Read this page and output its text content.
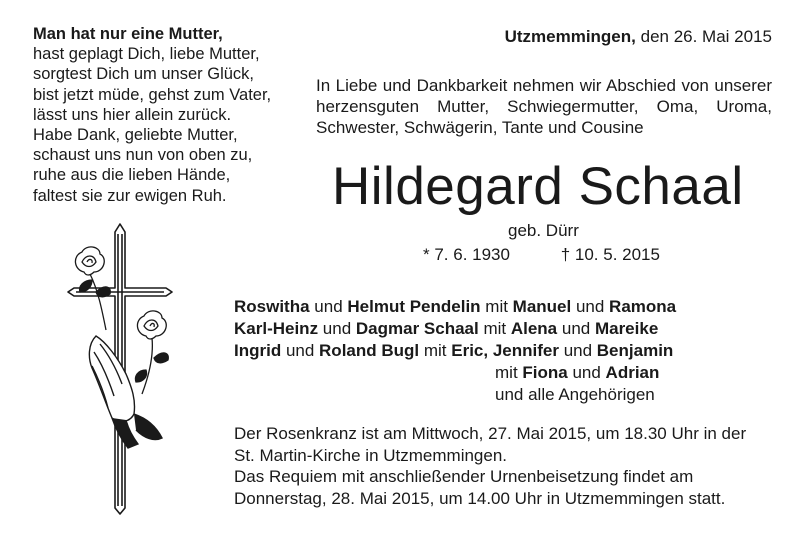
Man hat nur eine Mutter,
hast geplagt Dich, liebe Mutter,
sorgtest Dich um unser Glück,
bist jetzt müde, gehst zum Vater,
lässt uns hier allein zurück.
Habe Dank, geliebte Mutter,
schaust uns nun von oben zu,
ruhe aus die lieben Hände,
faltest sie zur ewigen Ruh.
Utzmemmingen, den 26. Mai 2015
In Liebe und Dankbarkeit nehmen wir Abschied von unserer
herzensguten Mutter, Schwiegermutter, Oma, Uroma,
Schwester, Schwägerin, Tante und Cousine
Hildegard Schaal
geb. Dürr
* 7. 6. 1930	† 10. 5. 2015
Roswitha und Helmut Pendelin mit Manuel und Ramona
Karl-Heinz und Dagmar Schaal mit Alena und Mareike
Ingrid und Roland Bugl mit Eric, Jennifer und Benjamin
mit Fiona und Adrian
und alle Angehörigen
Der Rosenkranz ist am Mittwoch, 27. Mai 2015, um 18.30 Uhr in der
St. Martin-Kirche in Utzmemmingen.
Das Requiem mit anschließender Urnenbeisetzung findet am
Donnerstag, 28. Mai 2015, um 14.00 Uhr in Utzmemmingen statt.
